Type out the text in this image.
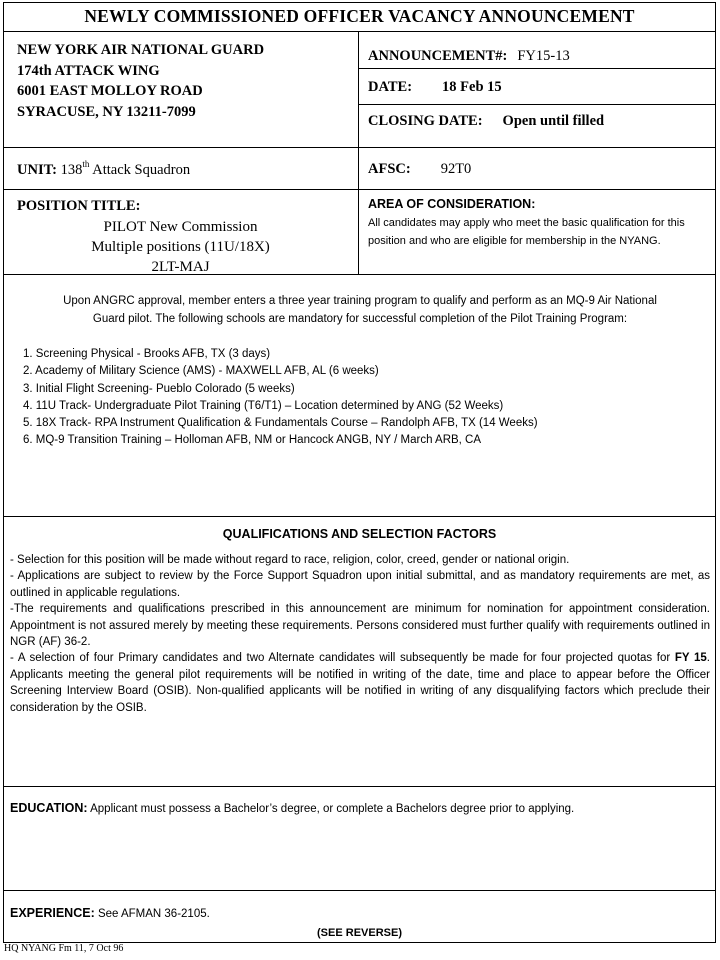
NEWLY COMMISSIONED OFFICER VACANCY ANNOUNCEMENT
NEW YORK AIR NATIONAL GUARD
174th ATTACK WING
6001 EAST MOLLOY ROAD
SYRACUSE, NY 13211-7099
ANNOUNCEMENT#: FY15-13
DATE: 18 Feb 15
CLOSING DATE: Open until filled
UNIT: 138th Attack Squadron	AFSC: 92T0
POSITION TITLE:
PILOT New Commission
Multiple positions (11U/18X)
2LT-MAJ
AREA OF CONSIDERATION:
All candidates may apply who meet the basic qualification for this position and who are eligible for membership in the NYANG.
Upon ANGRC approval, member enters a three year training program to qualify and perform as an MQ-9 Air National
Guard pilot. The following schools are mandatory for successful completion of the Pilot Training Program:
1. Screening Physical - Brooks AFB, TX (3 days)
2. Academy of Military Science (AMS) - MAXWELL AFB, AL (6 weeks)
3. Initial Flight Screening- Pueblo Colorado (5 weeks)
4. 11U Track- Undergraduate Pilot Training (T6/T1) – Location determined by ANG (52 Weeks)
5. 18X Track- RPA Instrument Qualification & Fundamentals Course – Randolph AFB, TX (14 Weeks)
6. MQ-9 Transition Training – Holloman AFB, NM or Hancock ANGB, NY / March ARB, CA
QUALIFICATIONS AND SELECTION FACTORS
- Selection for this position will be made without regard to race, religion, color, creed, gender or national origin.
- Applications are subject to review by the Force Support Squadron upon initial submittal, and as mandatory requirements are met, as outlined in applicable regulations.
-The requirements and qualifications prescribed in this announcement are minimum for nomination for appointment consideration. Appointment is not assured merely by meeting these requirements. Persons considered must further qualify with requirements outlined in NGR (AF) 36-2.
- A selection of four Primary candidates and two Alternate candidates will subsequently be made for four projected quotas for FY 15. Applicants meeting the general pilot requirements will be notified in writing of the date, time and place to appear before the Officer Screening Interview Board (OSIB). Non-qualified applicants will be notified in writing of any disqualifying factors which preclude their consideration by the OSIB.
EDUCATION: Applicant must possess a Bachelor’s degree, or complete a Bachelors degree prior to applying.
EXPERIENCE: See AFMAN 36-2105.
(SEE REVERSE)
HQ NYANG Fm 11, 7 Oct 96
